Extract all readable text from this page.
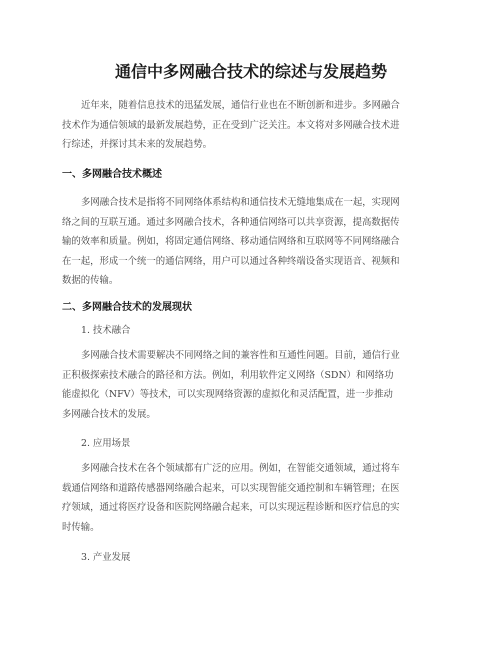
通信中多网融合技术的综述与发展趋势
近年来，随着信息技术的迅猛发展，通信行业也在不断创新和进步。多网融合
技术作为通信领域的最新发展趋势，正在受到广泛关注。本文将对多网融合技术进
行综述，并探讨其未来的发展趋势。
一、多网融合技术概述
多网融合技术是指将不同网络体系结构和通信技术无缝地集成在一起，实现网
络之间的互联互通。通过多网融合技术，各种通信网络可以共享资源，提高数据传
输的效率和质量。例如，将固定通信网络、移动通信网络和互联网等不同网络融合
在一起，形成一个统一的通信网络，用户可以通过各种终端设备实现语音、视频和
数据的传输。
二、多网融合技术的发展现状
1. 技术融合
多网融合技术需要解决不同网络之间的兼容性和互通性问题。目前，通信行业
正积极探索技术融合的路径和方法。例如，利用软件定义网络（SDN）和网络功
能虚拟化（NFV）等技术，可以实现网络资源的虚拟化和灵活配置，进一步推动
多网融合技术的发展。
2. 应用场景
多网融合技术在各个领域都有广泛的应用。例如，在智能交通领域，通过将车
载通信网络和道路传感器网络融合起来，可以实现智能交通控制和车辆管理；在医
疗领域，通过将医疗设备和医院网络融合起来，可以实现远程诊断和医疗信息的实
时传输。
3. 产业发展
